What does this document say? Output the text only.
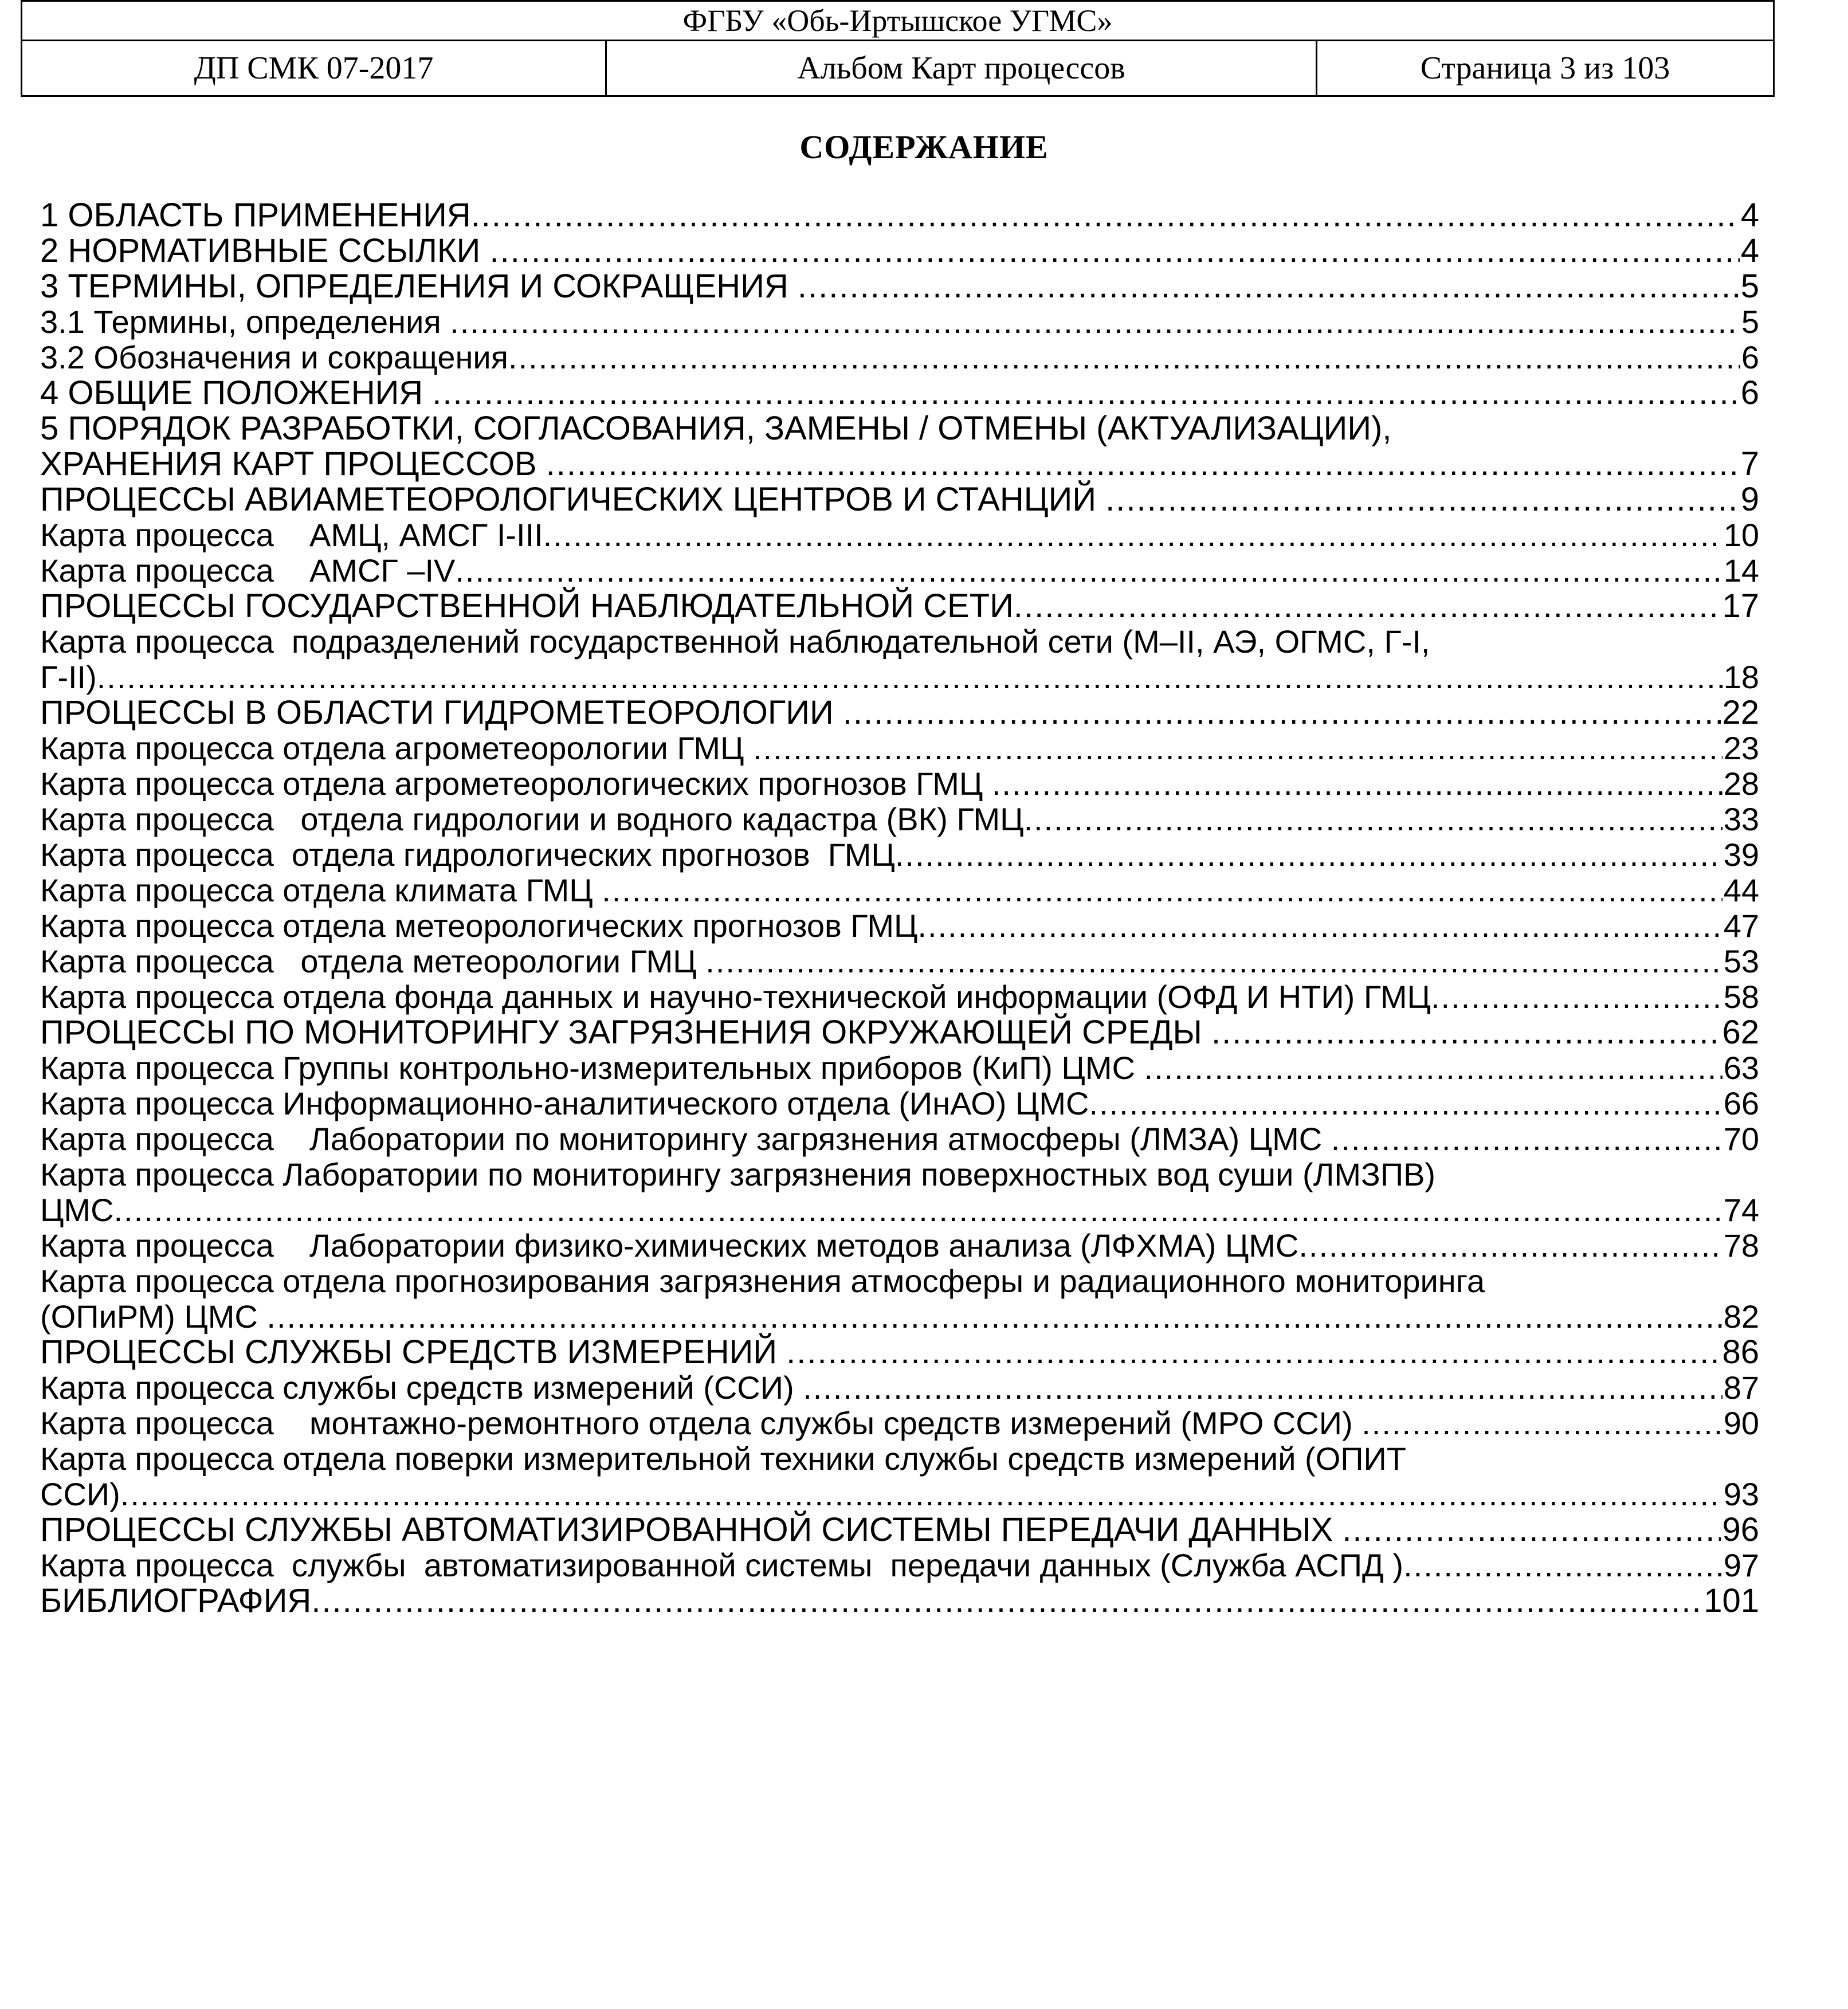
ФГБУ «Обь-Иртышское УГМС»
ДП СМК 07-2017	Альбом Карт процессов	Страница 3 из 103
СОДЕРЖАНИЕ
1 ОБЛАСТЬ ПРИМЕНЕНИЯ .....	4
2 НОРМАТИВНЫЕ ССЫЛКИ .....	4
3 ТЕРМИНЫ, ОПРЕДЕЛЕНИЯ И СОКРАЩЕНИЯ .....	5
3.1 Термины, определения .....	5
3.2 Обозначения и сокращения .....	6
4 ОБЩИЕ ПОЛОЖЕНИЯ .....	6
5 ПОРЯДОК РАЗРАБОТКИ, СОГЛАСОВАНИЯ, ЗАМЕНЫ / ОТМЕНЫ (АКТУАЛИЗАЦИИ),
ХРАНЕНИЯ КАРТ ПРОЦЕССОВ .....	7
ПРОЦЕССЫ АВИАМЕТЕОРОЛОГИЧЕСКИХ ЦЕНТРОВ И СТАНЦИЙ .....	9
Карта процесса    АМЦ, АМСГ I-III .....	10
Карта процесса    АМСГ –IV .....	14
ПРОЦЕССЫ ГОСУДАРСТВЕННОЙ НАБЛЮДАТЕЛЬНОЙ СЕТИ .....	17
Карта процесса  подразделений государственной наблюдательной сети (М–II, АЭ, ОГМС, Г-I,
Г-II) .....	18
ПРОЦЕССЫ В ОБЛАСТИ ГИДРОМЕТЕОРОЛОГИИ .....	22
Карта процесса отдела агрометеорологии ГМЦ .....	23
Карта процесса отдела агрометеорологических прогнозов ГМЦ .....	28
Карта процесса   отдела гидрологии и водного кадастра (ВК) ГМЦ .....	33
Карта процесса  отдела гидрологических прогнозов  ГМЦ .....	39
Карта процесса отдела климата ГМЦ .....	44
Карта процесса отдела метеорологических прогнозов ГМЦ .....	47
Карта процесса   отдела метеорологии ГМЦ .....	53
Карта процесса отдела фонда данных и научно-технической информации (ОФД И НТИ) ГМЦ .....	58
ПРОЦЕССЫ ПО МОНИТОРИНГУ ЗАГРЯЗНЕНИЯ ОКРУЖАЮЩЕЙ СРЕДЫ .....	62
Карта процесса Группы контрольно-измерительных приборов (КиП) ЦМС .....	63
Карта процесса Информационно-аналитического отдела (ИнАО) ЦМС .....	66
Карта процесса    Лаборатории по мониторингу загрязнения атмосферы (ЛМЗА) ЦМС .....	70
Карта процесса Лаборатории по мониторингу загрязнения поверхностных вод суши (ЛМЗПВ)
ЦМС .....	74
Карта процесса    Лаборатории физико-химических методов анализа (ЛФХМА) ЦМС .....	78
Карта процесса отдела прогнозирования загрязнения атмосферы и радиационного мониторинга
(ОПиРМ) ЦМС .....	82
ПРОЦЕССЫ СЛУЖБЫ СРЕДСТВ ИЗМЕРЕНИЙ .....	86
Карта процесса службы средств измерений (ССИ) .....	87
Карта процесса    монтажно-ремонтного отдела службы средств измерений (МРО ССИ) .....	90
Карта процесса отдела поверки измерительной техники службы средств измерений (ОПИТ
ССИ) .....	93
ПРОЦЕССЫ СЛУЖБЫ АВТОМАТИЗИРОВАННОЙ СИСТЕМЫ ПЕРЕДАЧИ ДАННЫХ .....	96
Карта процесса  службы  автоматизированной системы  передачи данных (Служба АСПД ) .....	97
БИБЛИОГРАФИЯ .....	101
